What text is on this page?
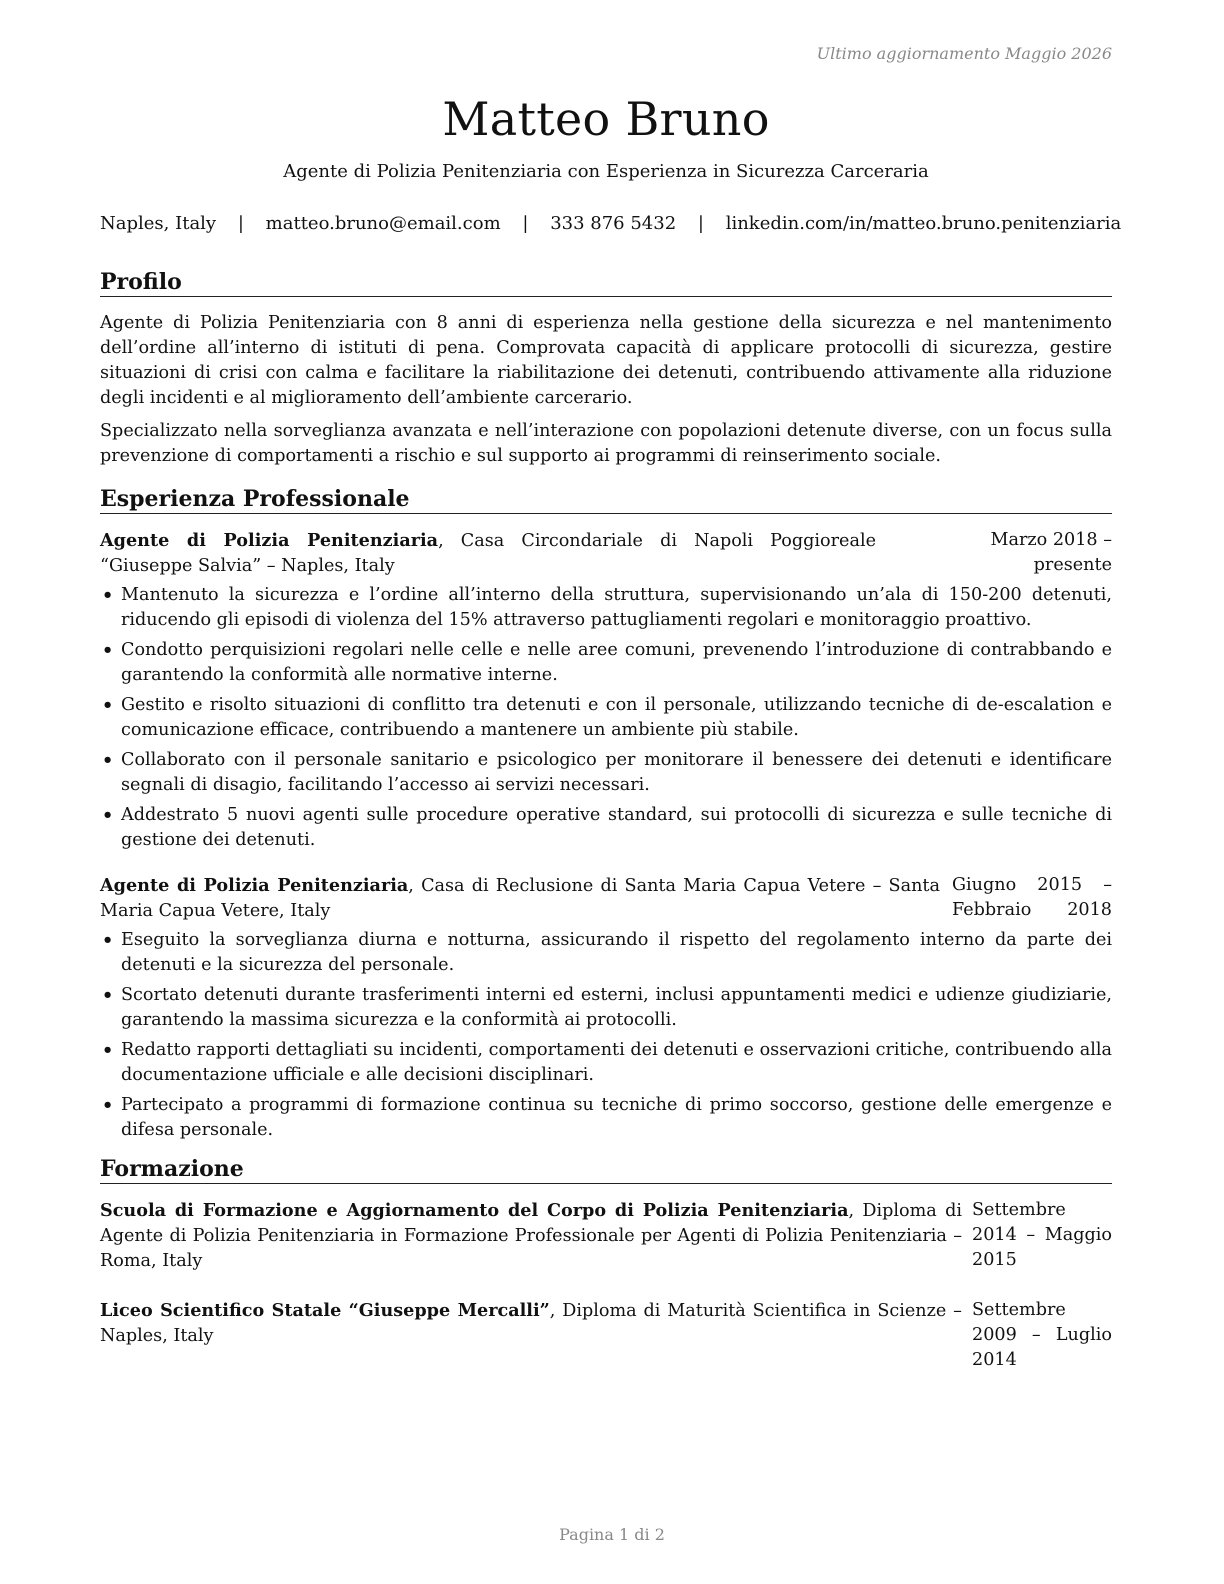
Ultimo aggiornamento Maggio 2026
Matteo Bruno
Agente di Polizia Penitenziaria con Esperienza in Sicurezza Carceraria
Naples, Italy | matteo.bruno@email.com | 333 876 5432 | linkedin.com/in/matteo.bruno.penitenziaria
Profilo

Agente di Polizia Penitenziaria con 8 anni di esperienza nella gestione della sicurezza e nel mantenimento dell’ordine all’interno di istituti di pena. Comprovata capacità di applicare protocolli di sicurezza, gestire situazioni di crisi con calma e facilitare la riabilitazione dei detenuti, contribuendo attivamente alla riduzione degli incidenti e al miglioramento dell’ambiente carcerario.

Specializzato nella sorveglianza avanzata e nell’interazione con popolazioni detenute diverse, con un focus sulla prevenzione di comportamenti a rischio e sul supporto ai programmi di reinserimento sociale.

Esperienza Professionale
Agente di Polizia Penitenziaria, Casa Circondariale di Napoli Poggioreale “Giuseppe Salvia” – Naples, Italy
Marzo 2018 – presente
• Mantenuto la sicurezza e l’ordine all’interno della struttura, supervisionando un’ala di 150-200 detenuti, riducendo gli episodi di violenza del 15% attraverso pattugliamenti regolari e monitoraggio proattivo.
• Condotto perquisizioni regolari nelle celle e nelle aree comuni, prevenendo l’introduzione di contrabbando e garantendo la conformità alle normative interne.
• Gestito e risolto situazioni di conflitto tra detenuti e con il personale, utilizzando tecniche di de-escalation e comunicazione efficace, contribuendo a mantenere un ambiente più stabile.
• Collaborato con il personale sanitario e psicologico per monitorare il benessere dei detenuti e identificare segnali di disagio, facilitando l’accesso ai servizi necessari.
• Addestrato 5 nuovi agenti sulle procedure operative standard, sui protocolli di sicurezza e sulle tecniche di gestione dei detenuti.
Agente di Polizia Penitenziaria, Casa di Reclusione di Santa Maria Capua Vetere – Santa Maria Capua Vetere, Italy
Giugno 2015 – Febbraio 2018
• Eseguito la sorveglianza diurna e notturna, assicurando il rispetto del regolamento interno da parte dei detenuti e la sicurezza del personale.
• Scortato detenuti durante trasferimenti interni ed esterni, inclusi appuntamenti medici e udienze giudiziarie, garantendo la massima sicurezza e la conformità ai protocolli.
• Redatto rapporti dettagliati su incidenti, comportamenti dei detenuti e osservazioni critiche, contribuendo alla documentazione ufficiale e alle decisioni disciplinari.
• Partecipato a programmi di formazione continua su tecniche di primo soccorso, gestione delle emergenze e difesa personale.
Formazione
Scuola di Formazione e Aggiornamento del Corpo di Polizia Penitenziaria, Diploma di Agente di Polizia Penitenziaria in Formazione Professionale per Agenti di Polizia Penitenziaria – Roma, Italy
Settembre 2014 – Maggio 2015
Liceo Scientifico Statale “Giuseppe Mercalli”, Diploma di Maturità Scientifica in Scienze – Naples, Italy
Settembre 2009 – Luglio 2014
Pagina 1 di 2
